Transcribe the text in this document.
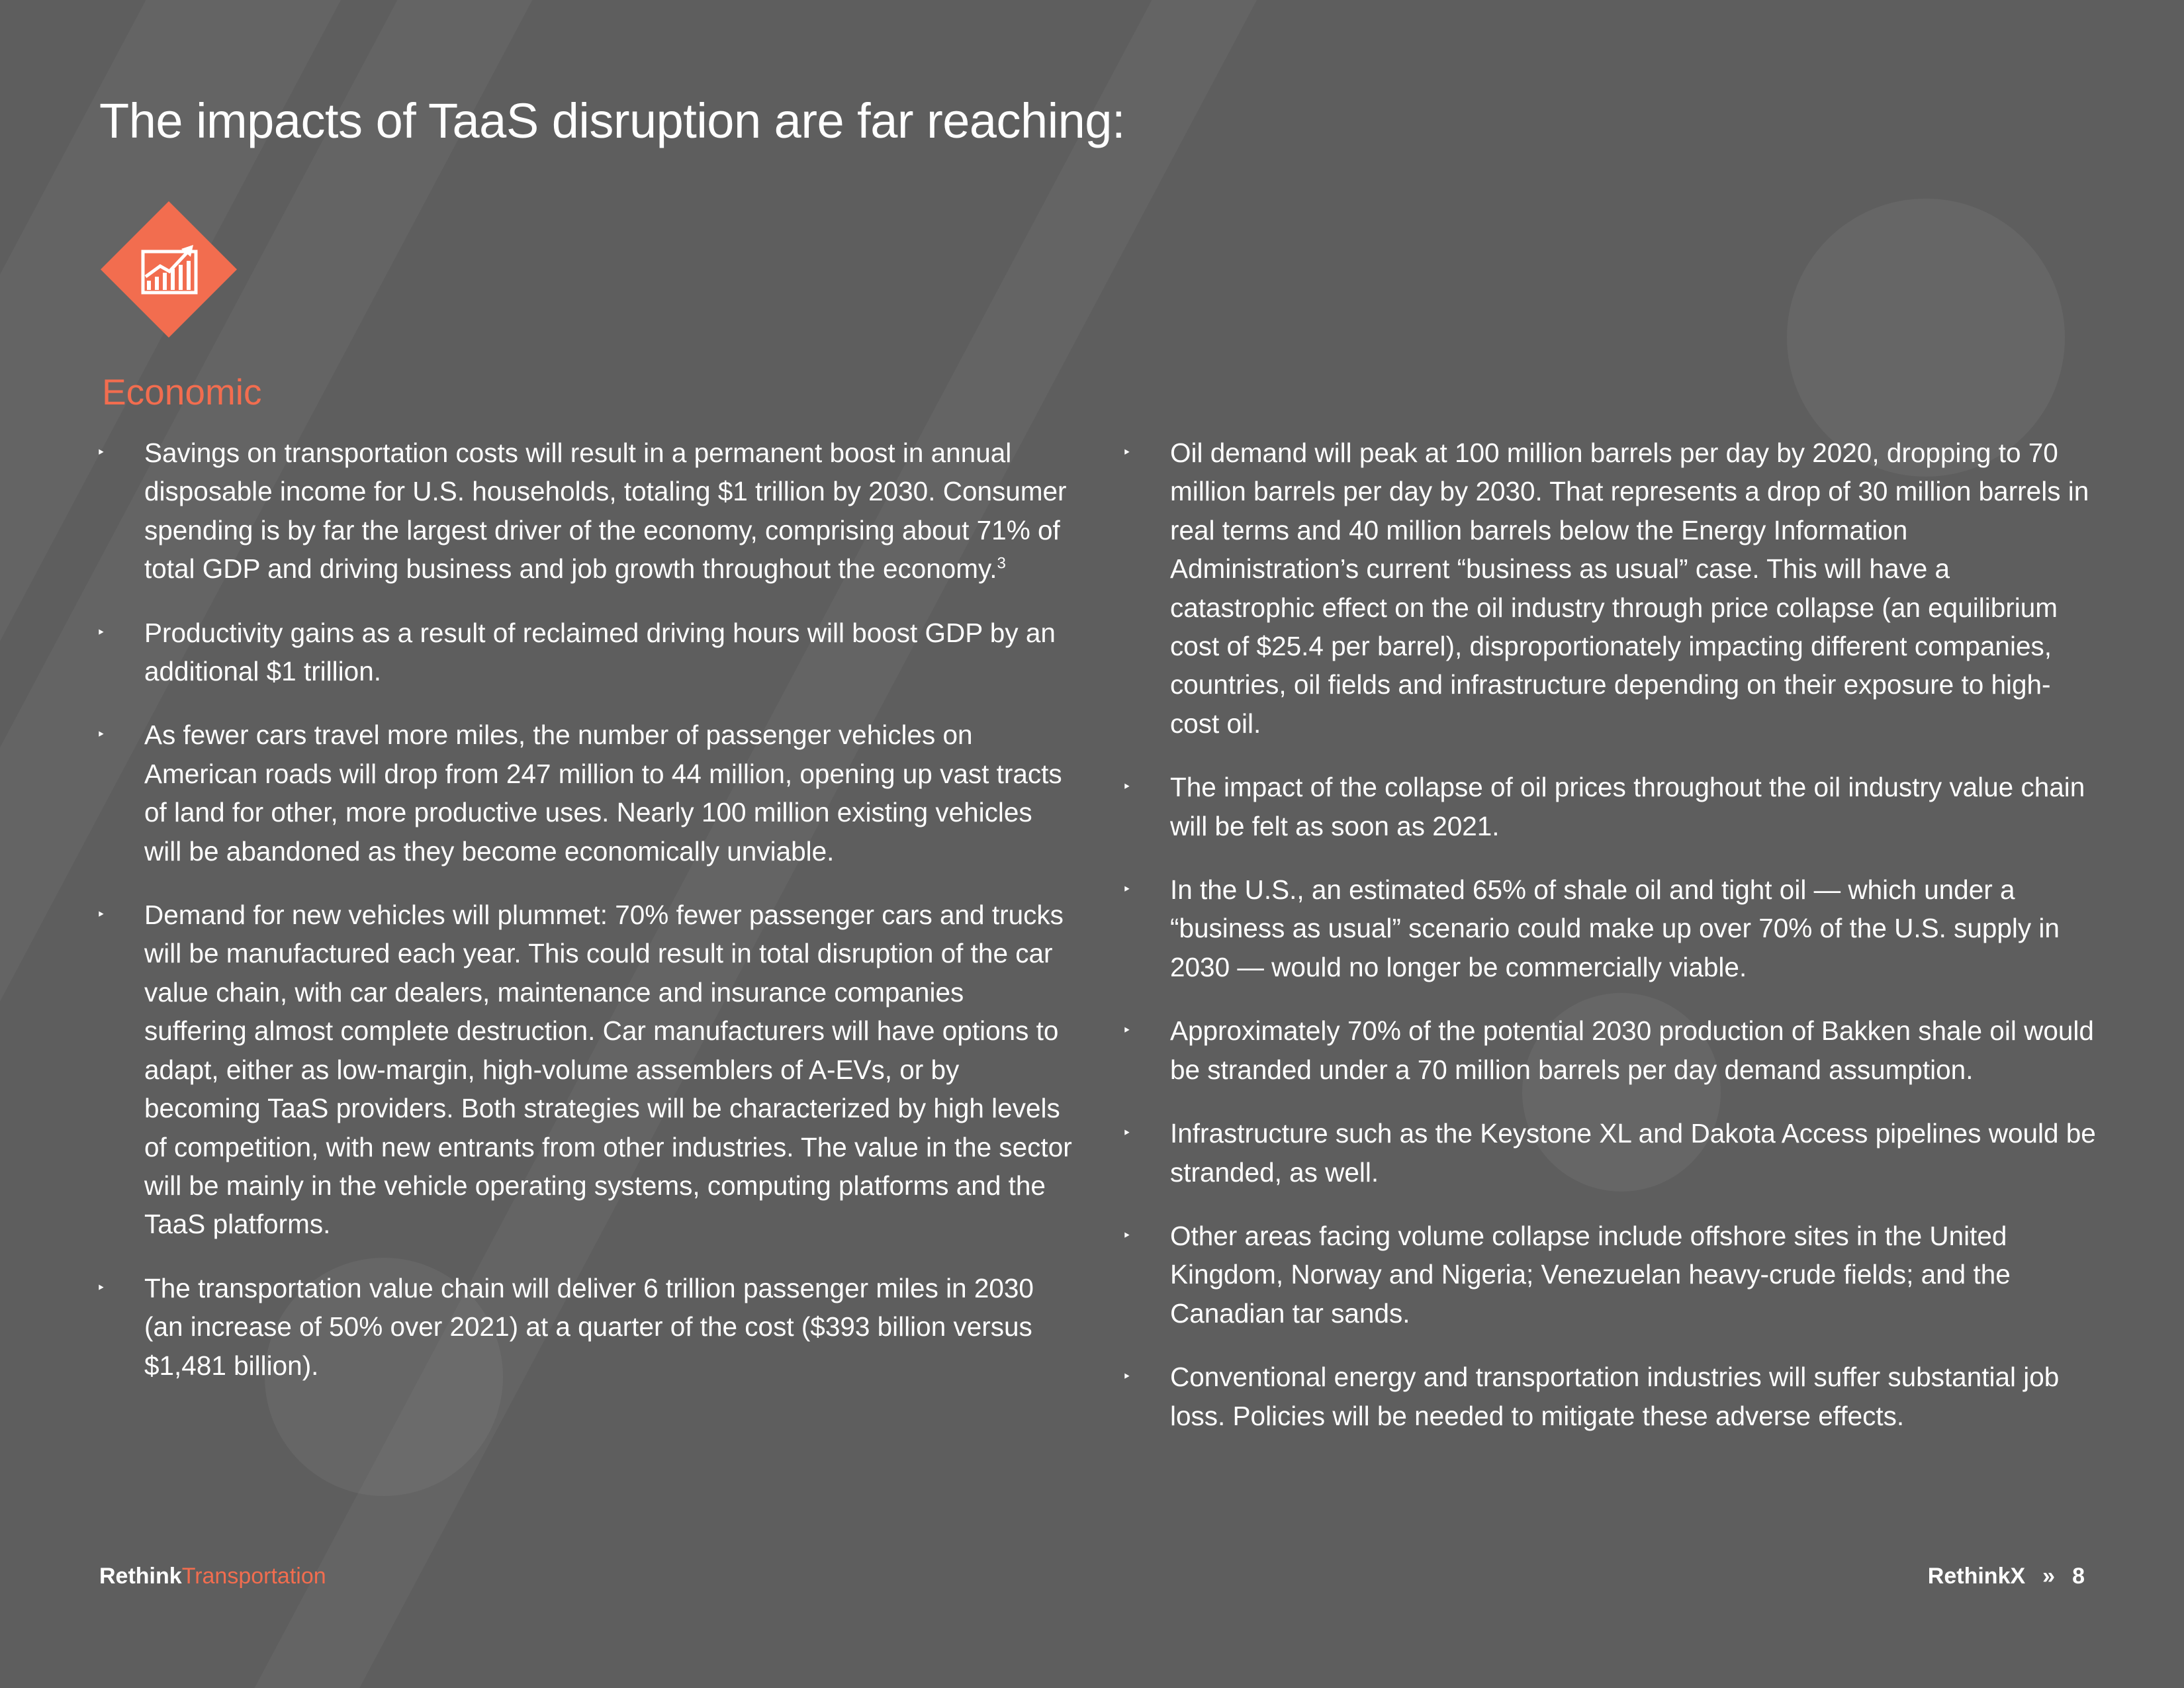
The impacts of TaaS disruption are far reaching:
Economic
‣ Savings on transportation costs will result in a permanent boost in annual disposable income for U.S. households, totaling $1 trillion by 2030. Consumer spending is by far the largest driver of the economy, comprising about 71% of total GDP and driving business and job growth throughout the economy.$^3$
‣ Productivity gains as a result of reclaimed driving hours will boost GDP by an additional $1 trillion.
‣ As fewer cars travel more miles, the number of passenger vehicles on American roads will drop from 247 million to 44 million, opening up vast tracts of land for other, more productive uses. Nearly 100 million existing vehicles will be abandoned as they become economically unviable.
‣ Demand for new vehicles will plummet: 70% fewer passenger cars and trucks will be manufactured each year. This could result in total disruption of the car value chain, with car dealers, maintenance and insurance companies suffering almost complete destruction. Car manufacturers will have options to adapt, either as low-margin, high-volume assemblers of A-EVs, or by becoming TaaS providers. Both strategies will be characterized by high levels of competition, with new entrants from other industries. The value in the sector will be mainly in the vehicle operating systems, computing platforms and the TaaS platforms.
‣ The transportation value chain will deliver 6 trillion passenger miles in 2030 (an increase of 50% over 2021) at a quarter of the cost ($393 billion versus $1,481 billion).
‣ Oil demand will peak at 100 million barrels per day by 2020, dropping to 70 million barrels per day by 2030. That represents a drop of 30 million barrels in real terms and 40 million barrels below the Energy Information Administration’s current “business as usual” case. This will have a catastrophic effect on the oil industry through price collapse (an equilibrium cost of $25.4 per barrel), disproportionately impacting different companies, countries, oil fields and infrastructure depending on their exposure to high-cost oil.
‣ The impact of the collapse of oil prices throughout the oil industry value chain will be felt as soon as 2021.
‣ In the U.S., an estimated 65% of shale oil and tight oil — which under a “business as usual” scenario could make up over 70% of the U.S. supply in 2030 — would no longer be commercially viable.
‣ Approximately 70% of the potential 2030 production of Bakken shale oil would be stranded under a 70 million barrels per day demand assumption.
‣ Infrastructure such as the Keystone XL and Dakota Access pipelines would be stranded, as well.
‣ Other areas facing volume collapse include offshore sites in the United Kingdom, Norway and Nigeria; Venezuelan heavy-crude fields; and the Canadian tar sands.
‣ Conventional energy and transportation industries will suffer substantial job loss. Policies will be needed to mitigate these adverse effects.
RethinkTransportation	RethinkX » 8
